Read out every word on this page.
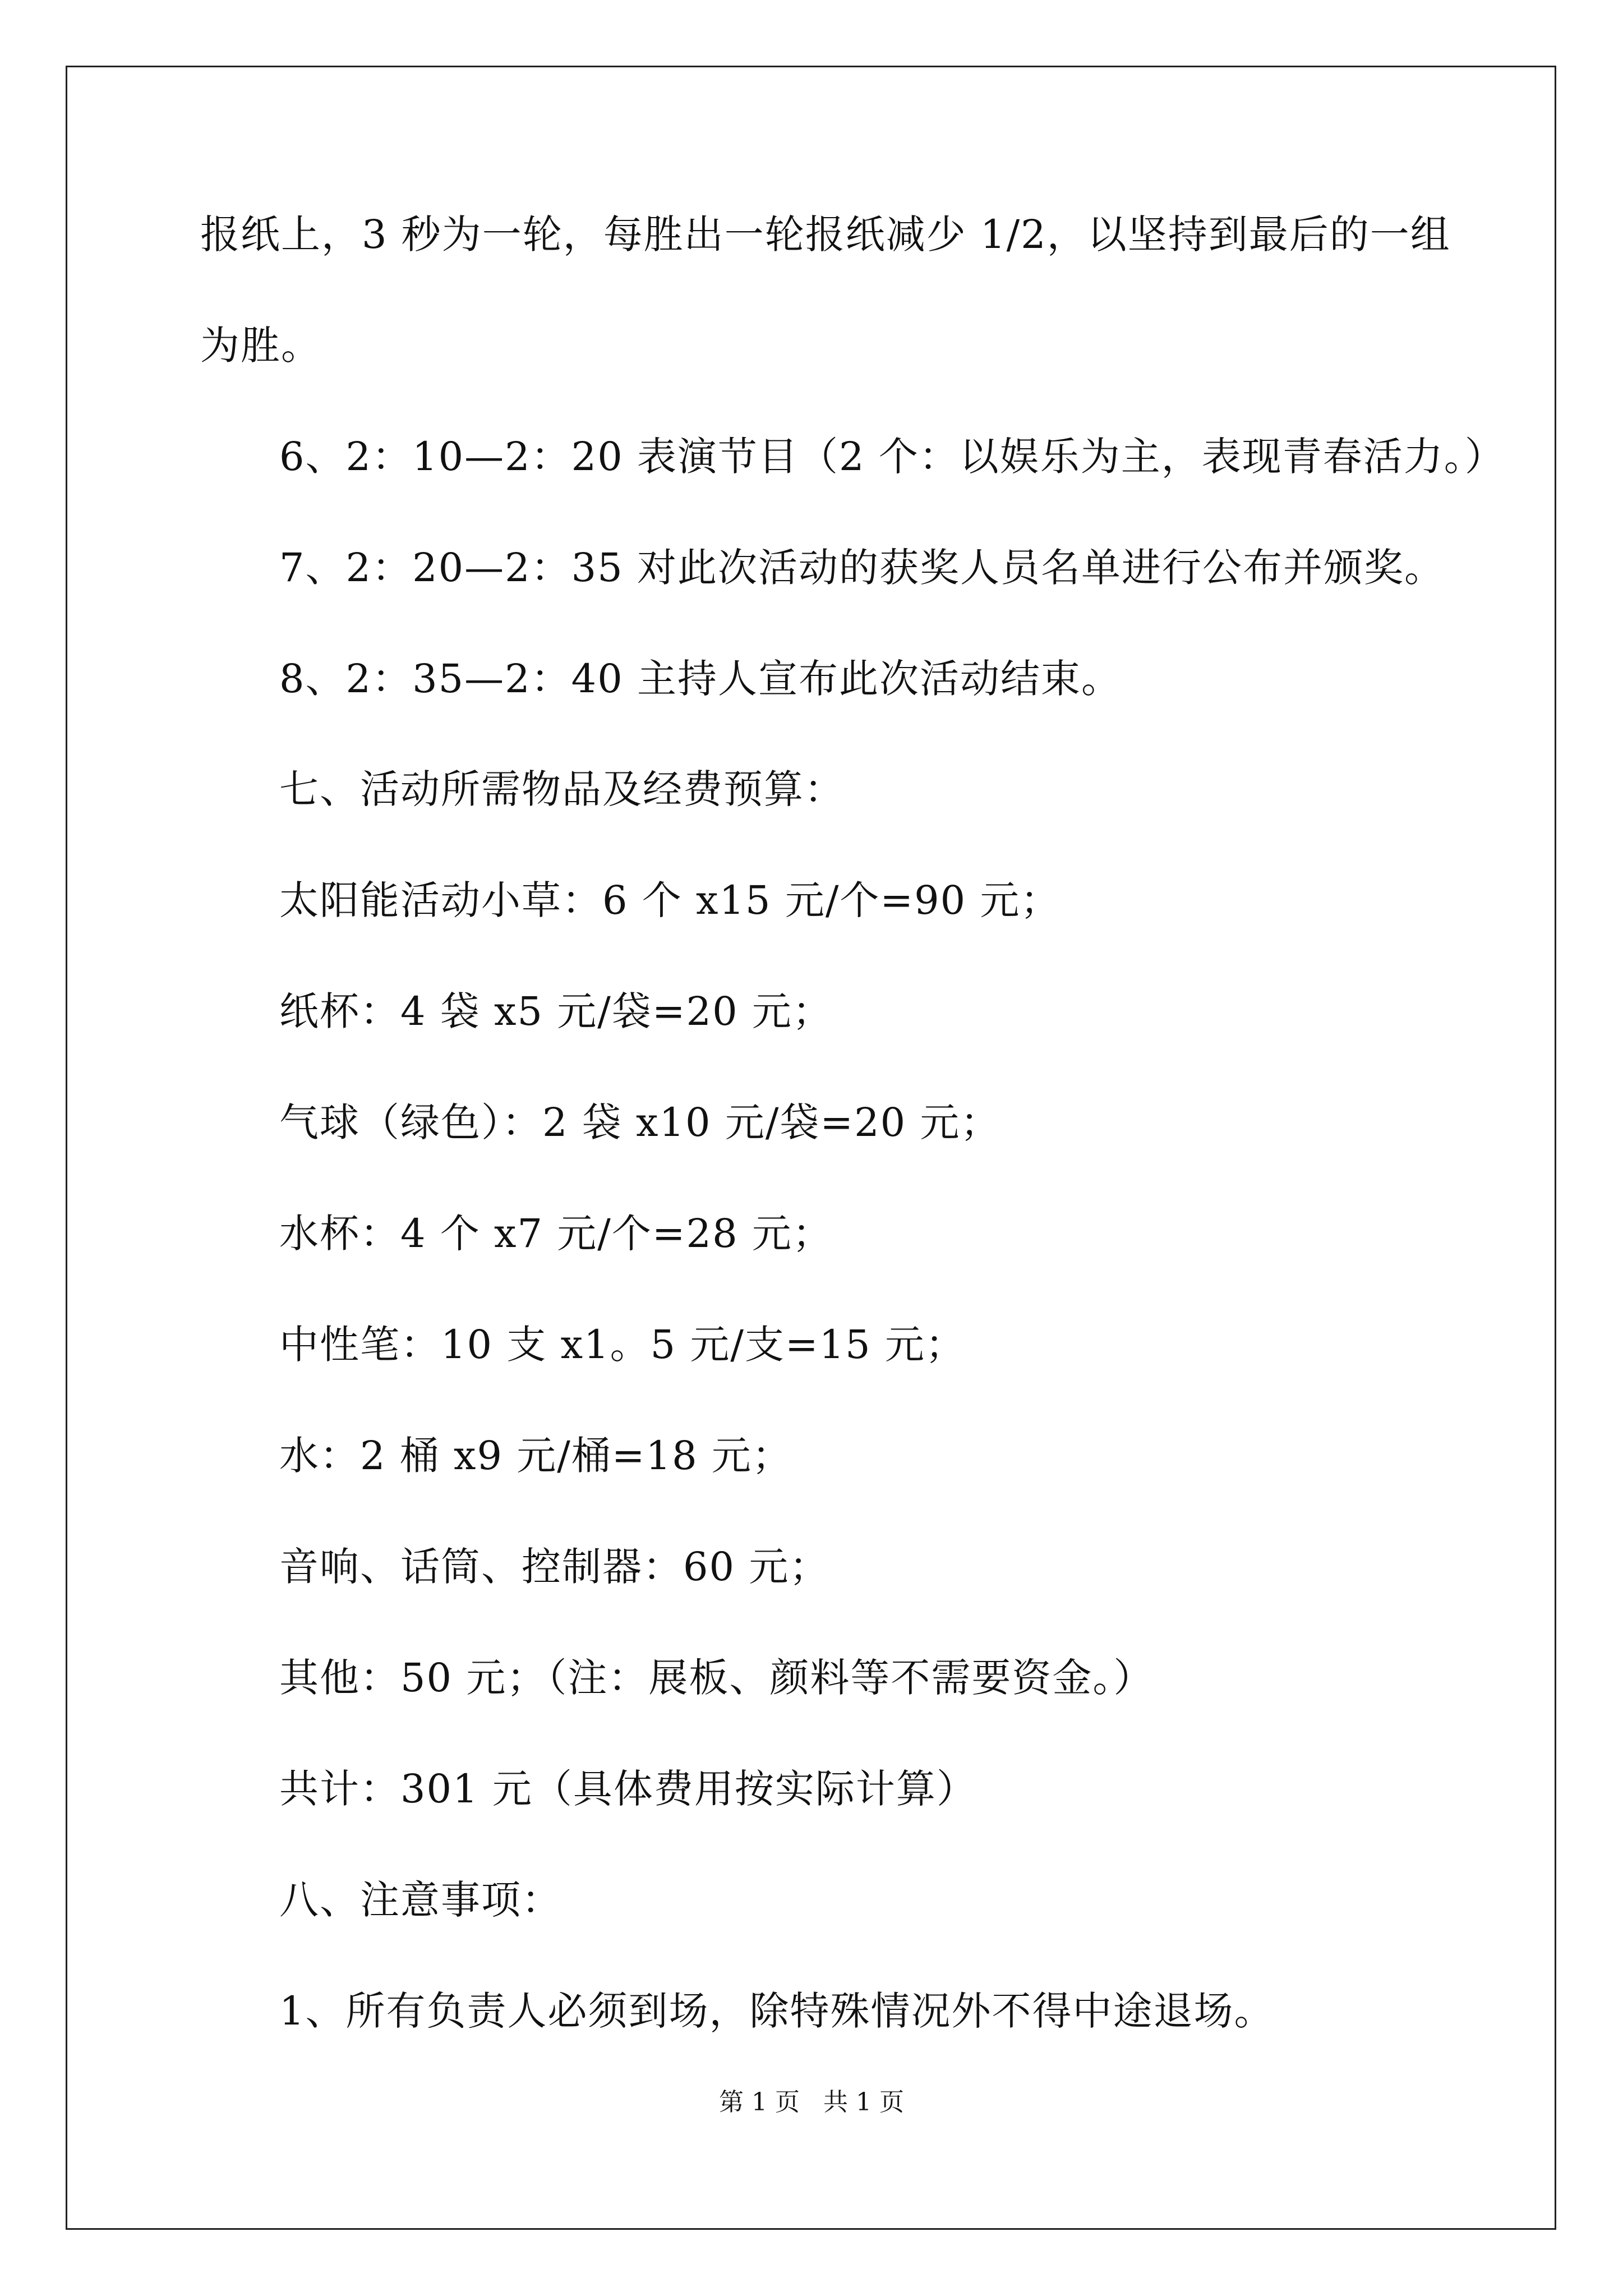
报纸上，3 秒为一轮，每胜出一轮报纸减少 1/2，以坚持到最后的一组
为胜。
6、2：10—2：20 表演节目（2 个：以娱乐为主，表现青春活力。）
7、2：20—2：35 对此次活动的获奖人员名单进行公布并颁奖。
8、2：35—2：40 主持人宣布此次活动结束。
七、活动所需物品及经费预算：
太阳能活动小草：6 个 x15 元/个=90 元；
纸杯：4 袋 x5 元/袋=20 元；
气球（绿色）：2 袋 x10 元/袋=20 元；
水杯：4 个 x7 元/个=28 元；
中性笔：10 支 x1。5 元/支=15 元；
水：2 桶 x9 元/桶=18 元；
音响、话筒、控制器：60 元；
其他：50 元；（注：展板、颜料等不需要资金。）
共计：301 元（具体费用按实际计算）
八、注意事项：
1、所有负责人必须到场，除特殊情况外不得中途退场。
第 1 页   共 1 页
